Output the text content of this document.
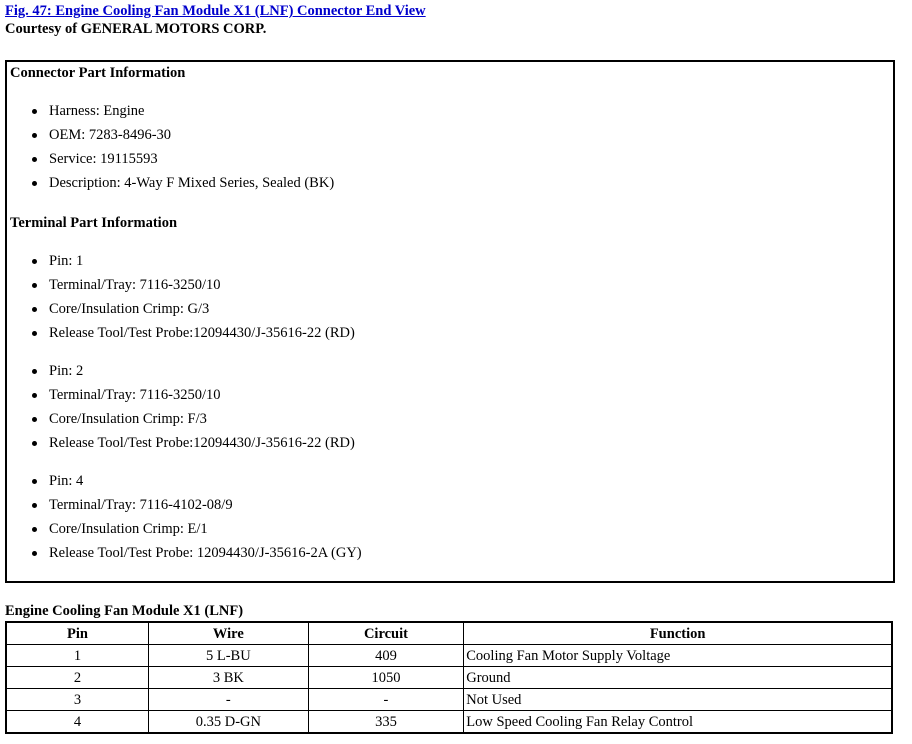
Fig. 47: Engine Cooling Fan Module X1 (LNF) Connector End View
Courtesy of GENERAL MOTORS CORP.
Connector Part Information
Harness: Engine
OEM: 7283-8496-30
Service: 19115593
Description: 4-Way F Mixed Series, Sealed (BK)
Terminal Part Information
Pin: 1
Terminal/Tray: 7116-3250/10
Core/Insulation Crimp: G/3
Release Tool/Test Probe:12094430/J-35616-22 (RD)
Pin: 2
Terminal/Tray: 7116-3250/10
Core/Insulation Crimp: F/3
Release Tool/Test Probe:12094430/J-35616-22 (RD)
Pin: 4
Terminal/Tray: 7116-4102-08/9
Core/Insulation Crimp: E/1
Release Tool/Test Probe: 12094430/J-35616-2A (GY)
Engine Cooling Fan Module X1 (LNF)
Pin	Wire	Circuit	Function
1	5 L-BU	409	Cooling Fan Motor Supply Voltage
2	3 BK	1050	Ground
3	-	-	Not Used
4	0.35 D-GN	335	Low Speed Cooling Fan Relay Control
